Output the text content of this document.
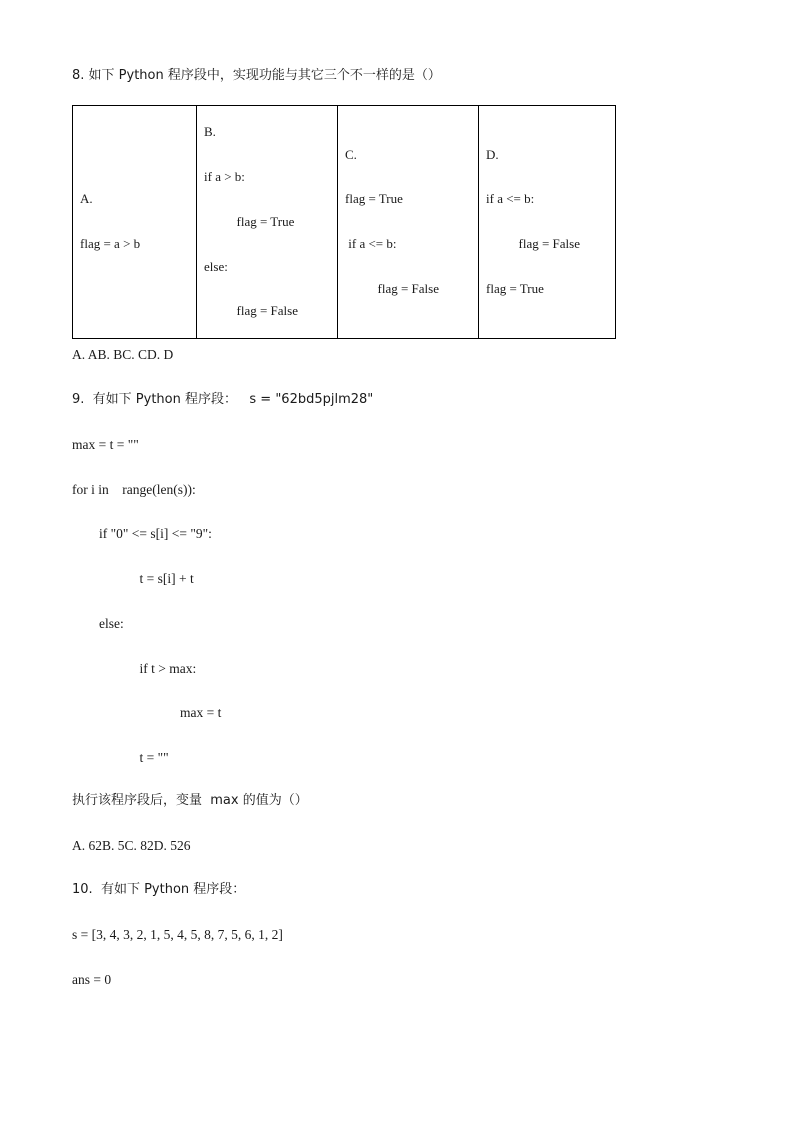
8. 如下 Python 程序段中，实现功能与其它三个不一样的是（）
A.

flag = a > b

B.

if a > b:

flag = True

else:

flag = False

C.

flag = True

if a <= b:

flag = False

D.

if a <= b:

flag = False

flag = True
A. AB. BC. CD. D
9.  有如下 Python 程序段：   s = "62bd5pjlm28"
max = t = ""
for i in    range(len(s)):
if "0" <= s[i] <= "9":
t = s[i] + t
else:
if t > max:
max = t
t = ""
执行该程序段后，变量  max 的值为（）
A. 62B. 5C. 82D. 526
10.  有如下 Python 程序段：
s = [3, 4, 3, 2, 1, 5, 4, 5, 8, 7, 5, 6, 1, 2]
ans = 0
